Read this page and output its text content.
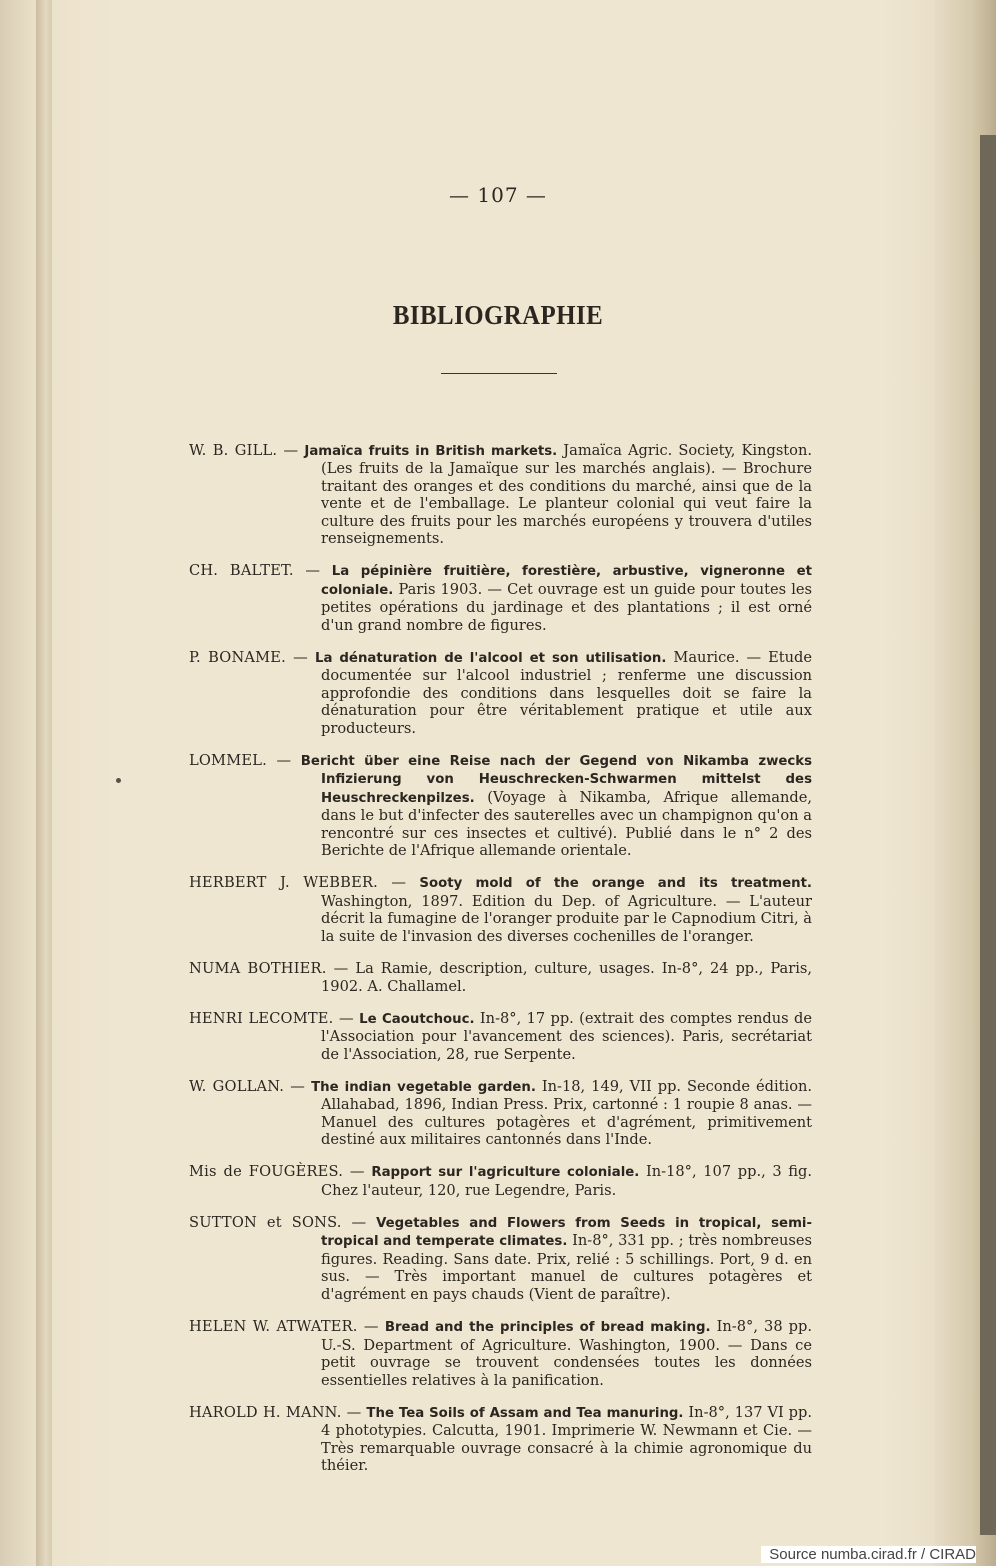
— 107 —
BIBLIOGRAPHIE

W. B. GILL. — Jamaïca fruits in British markets. Jamaïca Agric. Society, Kingston. (Les fruits de la Jamaïque sur les marchés anglais). — Brochure traitant des oranges et des conditions du marché, ainsi que de la vente et de l'emballage. Le planteur colonial qui veut faire la culture des fruits pour les marchés européens y trouvera d'utiles renseignements.

CH. BALTET. — La pépinière fruitière, forestière, arbustive, vigneronne et coloniale. Paris 1903. — Cet ouvrage est un guide pour toutes les petites opérations du jardinage et des plantations ; il est orné d'un grand nombre de figures.

P. BONAME. — La dénaturation de l'alcool et son utilisation. Maurice. — Etude documentée sur l'alcool industriel ; renferme une discussion approfondie des conditions dans lesquelles doit se faire la dénaturation pour être véritablement pratique et utile aux producteurs.

LOMMEL. — Bericht über eine Reise nach der Gegend von Nikamba zwecks Infizierung von Heuschrecken-Schwarmen mittelst des Heuschreckenpilzes. (Voyage à Nikamba, Afrique allemande, dans le but d'infecter des sauterelles avec un champignon qu'on a rencontré sur ces insectes et cultivé). Publié dans le n° 2 des Berichte de l'Afrique allemande orientale.

HERBERT J. WEBBER. — Sooty mold of the orange and its treatment. Washington, 1897. Edition du Dep. of Agriculture. — L'auteur décrit la fumagine de l'oranger produite par le Capnodium Citri, à la suite de l'invasion des diverses cochenilles de l'oranger.

NUMA BOTHIER. — La Ramie, description, culture, usages. In-8°, 24 pp., Paris, 1902. A. Challamel.

HENRI LECOMTE. — Le Caoutchouc. In-8°, 17 pp. (extrait des comptes rendus de l'Association pour l'avancement des sciences). Paris, secrétariat de l'Association, 28, rue Serpente.

W. GOLLAN. — The indian vegetable garden. In-18, 149, VII pp. Seconde édition. Allahabad, 1896, Indian Press. Prix, cartonné : 1 roupie 8 anas. — Manuel des cultures potagères et d'agrément, primitivement destiné aux militaires cantonnés dans l'Inde.

Mis de FOUGÈRES. — Rapport sur l'agriculture coloniale. In-18°, 107 pp., 3 fig. Chez l'auteur, 120, rue Legendre, Paris.

SUTTON et SONS. — Vegetables and Flowers from Seeds in tropical, semi-tropical and temperate climates. In-8°, 331 pp. ; très nombreuses figures. Reading. Sans date. Prix, relié : 5 schillings. Port, 9 d. en sus. — Très important manuel de cultures potagères et d'agrément en pays chauds (Vient de paraître).

HELEN W. ATWATER. — Bread and the principles of bread making. In-8°, 38 pp. U.-S. Department of Agriculture. Washington, 1900. — Dans ce petit ouvrage se trouvent condensées toutes les données essentielles relatives à la panification.

HAROLD H. MANN. — The Tea Soils of Assam and Tea manuring. In-8°, 137 VI pp. 4 phototypies. Calcutta, 1901. Imprimerie W. Newmann et Cie. — Très remarquable ouvrage consacré à la chimie agronomique du théier.

Source numba.cirad.fr / CIRAD
